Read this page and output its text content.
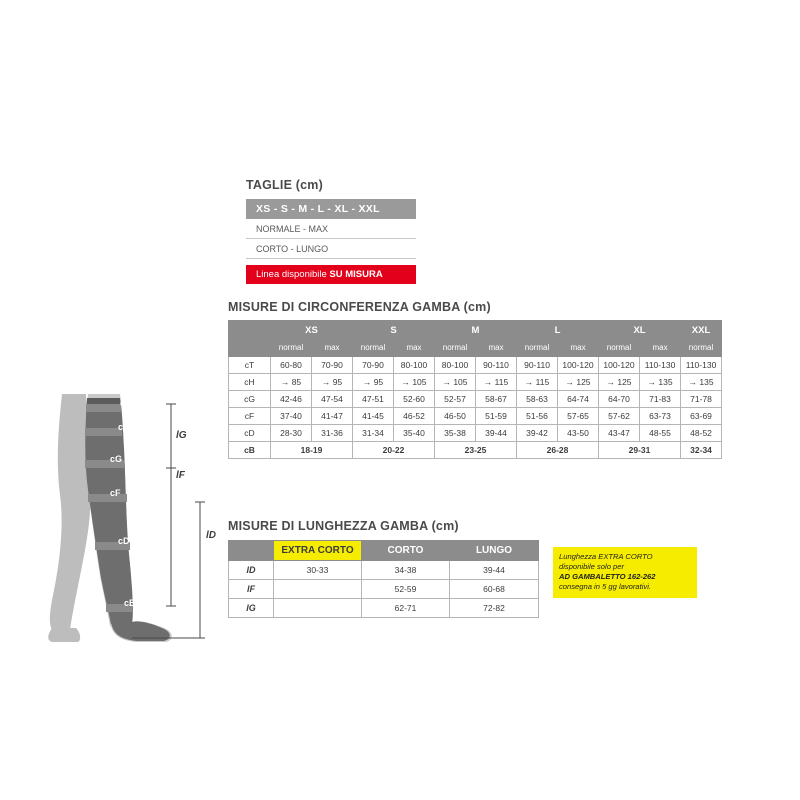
cT
cH
cG
cF
cD
cB
lG
lF
lD
TAGLIE (cm)
XS - S - M - L - XL - XXL
NORMALE - MAX
CORTO - LUNGO
Linea disponibile SU MISURA
MISURE DI CIRCONFERENZA GAMBA (cm)
	XS		S		M		L		XL		XXL
	normal	max	normal	max	normal	max	normal	max	normal	max	normal
cT	60-80	70-90	70-90	80-100	80-100	90-110	90-110	100-120	100-120	110-130	110-130
cH	→ 85	→ 95	→ 95	→ 105	→ 105	→ 115	→ 115	→ 125	→ 125	→ 135	→ 135
cG	42-46	47-54	47-51	52-60	52-57	58-67	58-63	64-74	64-70	71-83	71-78
cF	37-40	41-47	41-45	46-52	46-50	51-59	51-56	57-65	57-62	63-73	63-69
cD	28-30	31-36	31-34	35-40	35-38	39-44	39-42	43-50	43-47	48-55	48-52
cB	18-19		20-22		23-25		26-28		29-31		32-34
MISURE DI LUNGHEZZA GAMBA (cm)
	EXTRA CORTO	CORTO	LUNGO
lD	30-33	34-38	39-44
lF		52-59	60-68
lG		62-71	72-82
Lunghezza EXTRA CORTO
disponibile solo per
AD GAMBALETTO 162-262
consegna in 5 gg lavorativi.
